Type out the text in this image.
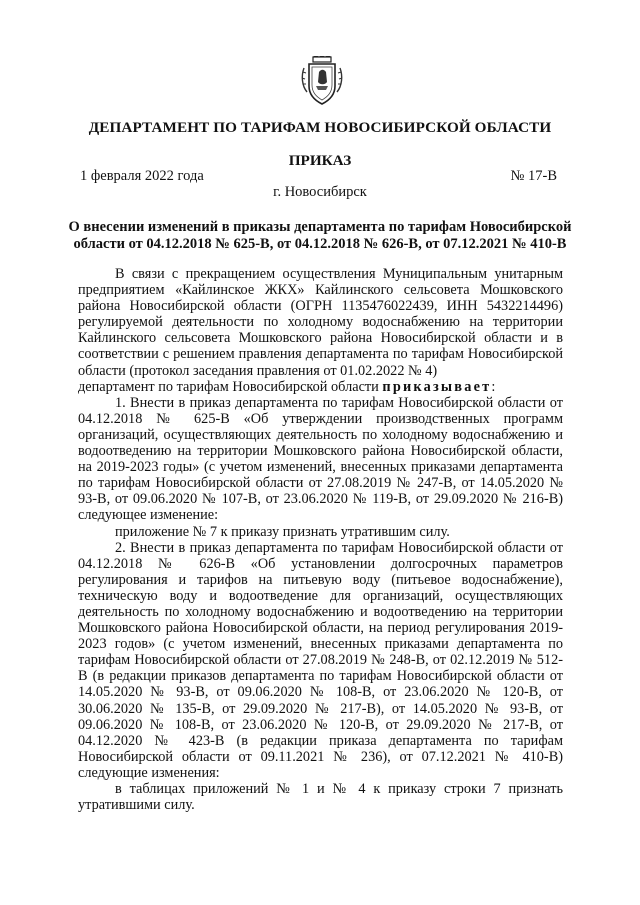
ДЕПАРТАМЕНТ ПО ТАРИФАМ НОВОСИБИРСКОЙ ОБЛАСТИ
ПРИКАЗ
1 февраля 2022 года	№ 17-В
г. Новосибирск
О внесении изменений в приказы департамента по тарифам Новосибирской области от 04.12.2018 № 625-В, от 04.12.2018 № 626-В, от 07.12.2021 № 410-В

В связи с прекращением осуществления Муниципальным унитарным предприятием «Кайлинское ЖКХ» Кайлинского сельсовета Мошковского района Новосибирской области (ОГРН 1135476022439, ИНН 5432214496) регулируемой деятельности по холодному водоснабжению на территории Кайлинского сельсовета Мошковского района Новосибирской области и в соответствии с решением правления департамента по тарифам Новосибирской области (протокол заседания правления от 01.02.2022 № 4)

департамент по тарифам Новосибирской области приказывает:

1. Внести в приказ департамента по тарифам Новосибирской области от 04.12.2018 № 625-В «Об утверждении производственных программ организаций, осуществляющих деятельность по холодному водоснабжению и водоотведению на территории Мошковского района Новосибирской области, на 2019-2023 годы» (с учетом изменений, внесенных приказами департамента по тарифам Новосибирской области от 27.08.2019 № 247-В, от 14.05.2020 № 93-В, от 09.06.2020 № 107-В, от 23.06.2020 № 119-В, от 29.09.2020 № 216-В) следующее изменение:

приложение № 7 к приказу признать утратившим силу.

2. Внести в приказ департамента по тарифам Новосибирской области от 04.12.2018 № 626-В «Об установлении долгосрочных параметров регулирования и тарифов на питьевую воду (питьевое водоснабжение), техническую воду и водоотведение для организаций, осуществляющих деятельность по холодному водоснабжению и водоотведению на территории Мошковского района Новосибирской области, на период регулирования 2019-2023 годов» (с учетом изменений, внесенных приказами департамента по тарифам Новосибирской области от 27.08.2019 № 248-В, от 02.12.2019 № 512-В (в редакции приказов департамента по тарифам Новосибирской области от 14.05.2020 № 93-В, от 09.06.2020 № 108-В, от 23.06.2020 № 120-В, от 30.06.2020 № 135-В, от 29.09.2020 № 217-В), от 14.05.2020 № 93-В, от 09.06.2020 № 108-В, от 23.06.2020 № 120-В, от 29.09.2020 № 217-В, от 04.12.2020 № 423-В (в редакции приказа департамента по тарифам Новосибирской области от 09.11.2021 № 236), от 07.12.2021 № 410-В) следующие изменения:

в таблицах приложений № 1 и № 4 к приказу строки 7 признать утратившими силу.
